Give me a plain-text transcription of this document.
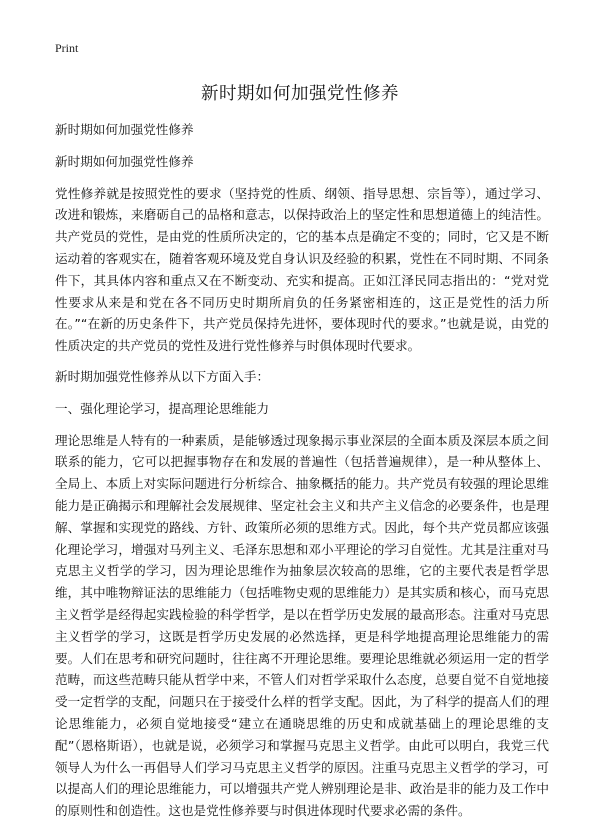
Print
新时期如何加强党性修养

新时期如何加强党性修养

新时期如何加强党性修养

党性修养就是按照党性的要求（坚持党的性质、纲领、指导思想、宗旨等），通过学习、改进和锻炼，来磨砺自己的品格和意志，以保持政治上的坚定性和思想道德上的纯洁性。共产党员的党性，是由党的性质所决定的，它的基本点是确定不变的；同时，它又是不断运动着的客观实在，随着客观环境及党自身认识及经验的积累，党性在不同时期、不同条件下，其具体内容和重点又在不断变动、充实和提高。正如江泽民同志指出的：“党对党性要求从来是和党在各不同历史时期所肩负的任务紧密相连的，这正是党性的活力所在。”“在新的历史条件下，共产党员保持先进怀，要体现时代的要求。”也就是说，由党的性质决定的共产党员的党性及进行党性修养与时俱体现时代要求。

新时期加强党性修养从以下方面入手：

一、强化理论学习，提高理论思维能力

理论思维是人特有的一种素质，是能够透过现象揭示事业深层的全面本质及深层本质之间联系的能力，它可以把握事物存在和发展的普遍性（包括普遍规律），是一种从整体上、全局上、本质上对实际问题进行分析综合、抽象概括的能力。共产党员有较强的理论思维能力是正确揭示和理解社会发展规律、坚定社会主义和共产主义信念的必要条件，也是理解、掌握和实现党的路线、方针、政策所必须的思维方式。因此，每个共产党员都应该强化理论学习，增强对马列主义、毛泽东思想和邓小平理论的学习自觉性。尤其是注重对马克思主义哲学的学习，因为理论思维作为抽象层次较高的思维，它的主要代表是哲学思维，其中唯物辩证法的思维能力（包括唯物史观的思维能力）是其实质和核心，而马克思主义哲学是经得起实践检验的科学哲学，是以在哲学历史发展的最高形态。注重对马克思主义哲学的学习，这既是哲学历史发展的必然选择，更是科学地提高理论思维能力的需要。人们在思考和研究问题时，往往离不开理论思维。要理论思维就必须运用一定的哲学范畴，而这些范畴只能从哲学中来，不管人们对哲学采取什么态度，总要自觉不自觉地接受一定哲学的支配，问题只在于接受什么样的哲学支配。因此，为了科学的提高人们的理论思维能力，必须自觉地接受“建立在通晓思维的历史和成就基础上的理论思维的支配”（恩格斯语），也就是说，必须学习和掌握马克思主义哲学。由此可以明白，我党三代领导人为什么一再倡导人们学习马克思主义哲学的原因。注重马克思主义哲学的学习，可以提高人们的理论思维能力，可以增强共产党人辨别理论是非、政治是非的能力及工作中的原则性和创造性。这也是党性修养要与时俱进体现时代要求必需的条件。
